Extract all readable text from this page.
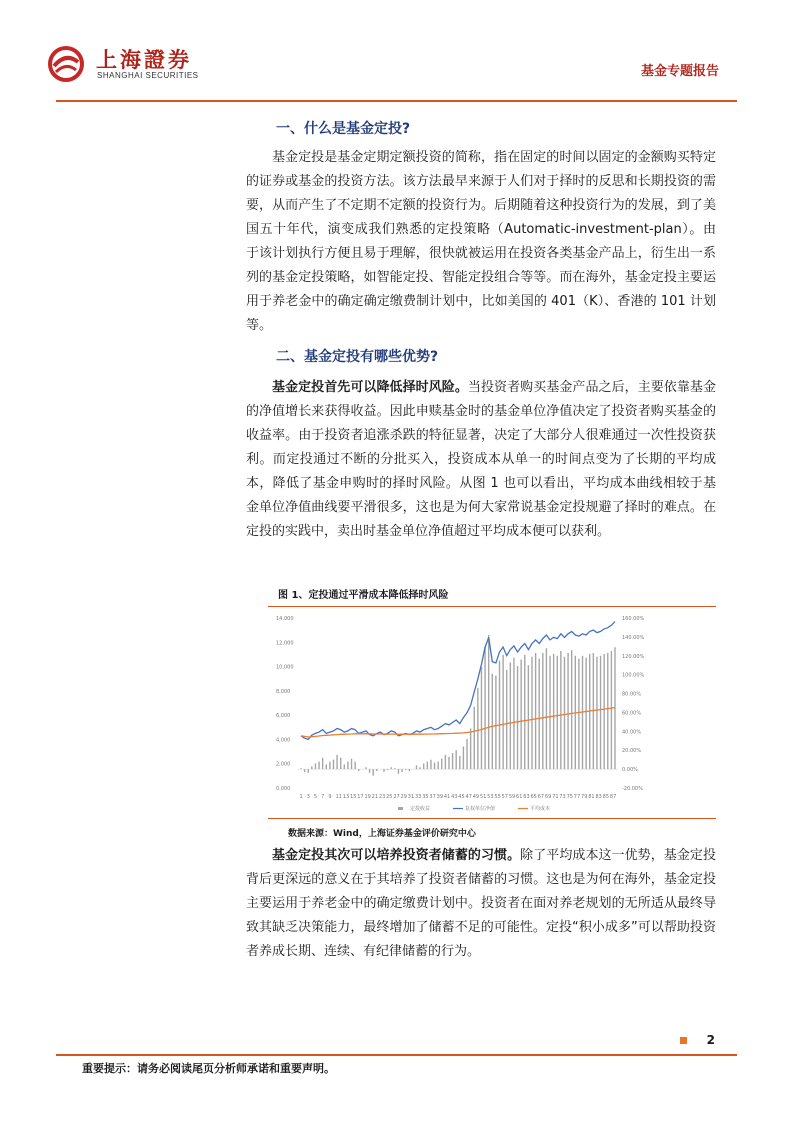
上海證券
SHANGHAI SECURITIES	基金专题报告
一、什么是基金定投?

基金定投是基金定期定额投资的简称，指在固定的时间以固定的金额购买特定的证券或基金的投资方法。该方法最早来源于人们对于择时的反思和长期投资的需要，从而产生了不定期不定额的投资行为。后期随着这种投资行为的发展，到了美国五十年代，演变成我们熟悉的定投策略（Automatic-investment-plan）。由于该计划执行方便且易于理解，很快就被运用在投资各类基金产品上，衍生出一系列的基金定投策略，如智能定投、智能定投组合等等。而在海外，基金定投主要运用于养老金中的确定确定缴费制计划中，比如美国的 401（K）、香港的 101 计划等。

二、基金定投有哪些优势?

基金定投首先可以降低择时风险。当投资者购买基金产品之后，主要依靠基金的净值增长来获得收益。因此申赎基金时的基金单位净值决定了投资者购买基金的收益率。由于投资者追涨杀跌的特征显著，决定了大部分人很难通过一次性投资获利。而定投通过不断的分批买入，投资成本从单一的时间点变为了长期的平均成本，降低了基金申购时的择时风险。从图 1 也可以看出，平均成本曲线相较于基金单位净值曲线要平滑很多，这也是为何大家常说基金定投规避了择时的难点。在定投的实践中，卖出时基金单位净值超过平均成本便可以获利。

图 1、定投通过平滑成本降低择时风险
14,000
12,000
10,000
8,000
6,000
4,000
2,000
0.000
160.00%
140.00%
120.00%
100.00%
80.00%
60.00%
40.00%
20.00%
0.00%
-20.00%
1 3 5 7 9 11 13 15 17 19 21 23 25 27 29 31 33 35 37 39 41 43 45 47 49 51 53 55 57 59 61 63 65 67 69 71 73 75 77 79 81 83 85 87
定投收益	复权单位净值	平均成本
数据来源：Wind，上海证券基金评价研究中心

基金定投其次可以培养投资者储蓄的习惯。除了平均成本这一优势，基金定投背后更深远的意义在于其培养了投资者储蓄的习惯。这也是为何在海外，基金定投主要运用于养老金中的确定缴费计划中。投资者在面对养老规划的无所适从最终导致其缺乏决策能力，最终增加了储蓄不足的可能性。定投“积小成多”可以帮助投资者养成长期、连续、有纪律储蓄的行为。

2
重要提示：请务必阅读尾页分析师承诺和重要声明。
